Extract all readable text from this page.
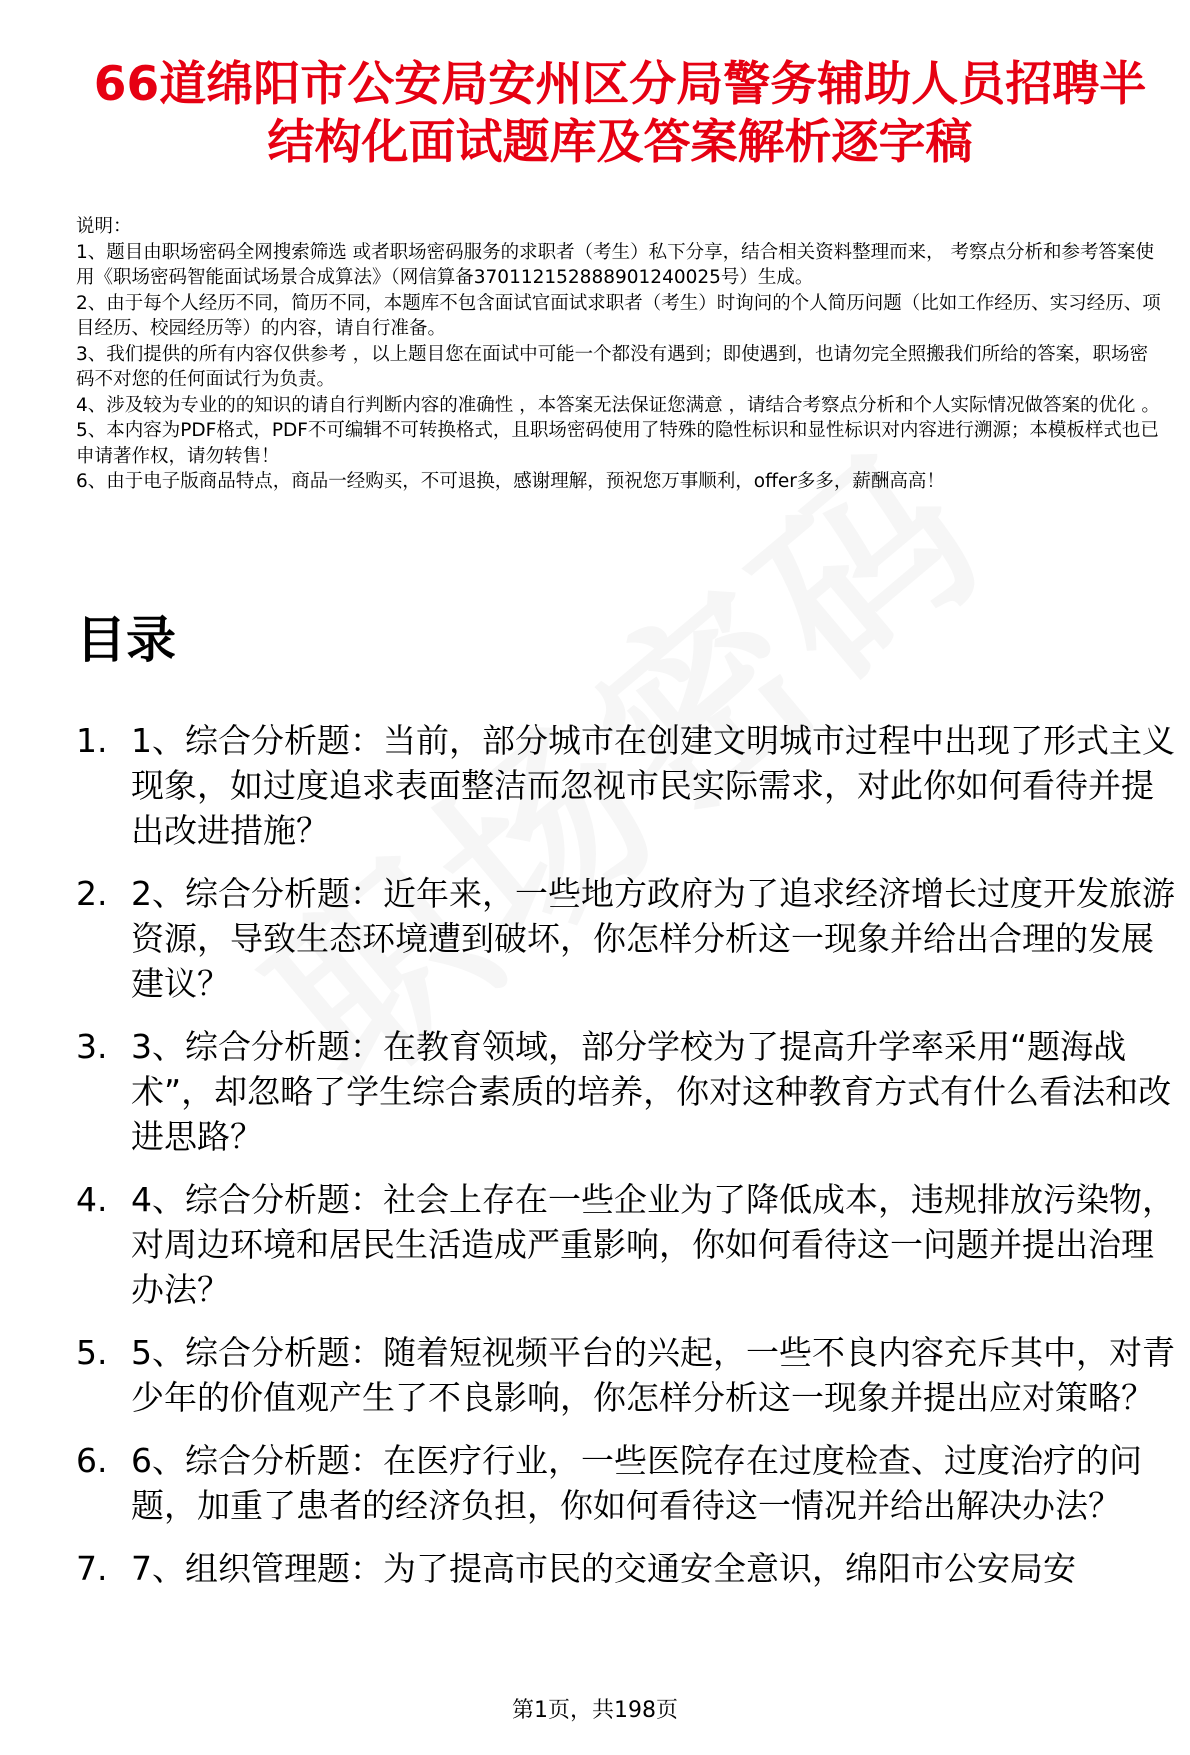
66道绵阳市公安局安州区分局警务辅助人员招聘半结构化面试题库及答案解析逐字稿

说明：

1、题目由职场密码全网搜索筛选 或者职场密码服务的求职者（考生）私下分享，结合相关资料整理而来， 考察点分析和参考答案使用《职场密码智能面试场景合成算法》（网信算备370112152888901240025号）生成。

2、由于每个人经历不同，简历不同，本题库不包含面试官面试求职者（考生）时询问的个人简历问题（比如工作经历、实习经历、项目经历、校园经历等）的内容，请自行准备。

3、我们提供的所有内容仅供参考 ，以上题目您在面试中可能一个都没有遇到；即使遇到，也请勿完全照搬我们所给的答案，职场密码不对您的任何面试行为负责。

4、涉及较为专业的的知识的请自行判断内容的准确性 ，本答案无法保证您满意 ，请结合考察点分析和个人实际情况做答案的优化 。

5、本内容为PDF格式，PDF不可编辑不可转换格式，且职场密码使用了特殊的隐性标识和显性标识对内容进行溯源；本模板样式也已申请著作权，请勿转售！

6、由于电子版商品特点，商品一经购买，不可退换，感谢理解，预祝您万事顺利，offer多多，薪酬高高！

目录
1. 1、综合分析题：当前，部分城市在创建文明城市过程中出现了形式主义现象，如过度追求表面整洁而忽视市民实际需求，对此你如何看待并提出改进措施？
2. 2、综合分析题：近年来，一些地方政府为了追求经济增长过度开发旅游资源，导致生态环境遭到破坏，你怎样分析这一现象并给出合理的发展建议？
3. 3、综合分析题：在教育领域，部分学校为了提高升学率采用“题海战术”，却忽略了学生综合素质的培养，你对这种教育方式有什么看法和改进思路？
4. 4、综合分析题：社会上存在一些企业为了降低成本，违规排放污染物，对周边环境和居民生活造成严重影响，你如何看待这一问题并提出治理办法？
5. 5、综合分析题：随着短视频平台的兴起，一些不良内容充斥其中，对青少年的价值观产生了不良影响，你怎样分析这一现象并提出应对策略？
6. 6、综合分析题：在医疗行业，一些医院存在过度检查、过度治疗的问题，加重了患者的经济负担，你如何看待这一情况并给出解决办法？
7. 7、组织管理题：为了提高市民的交通安全意识，绵阳市公安局安
第1页，共198页
